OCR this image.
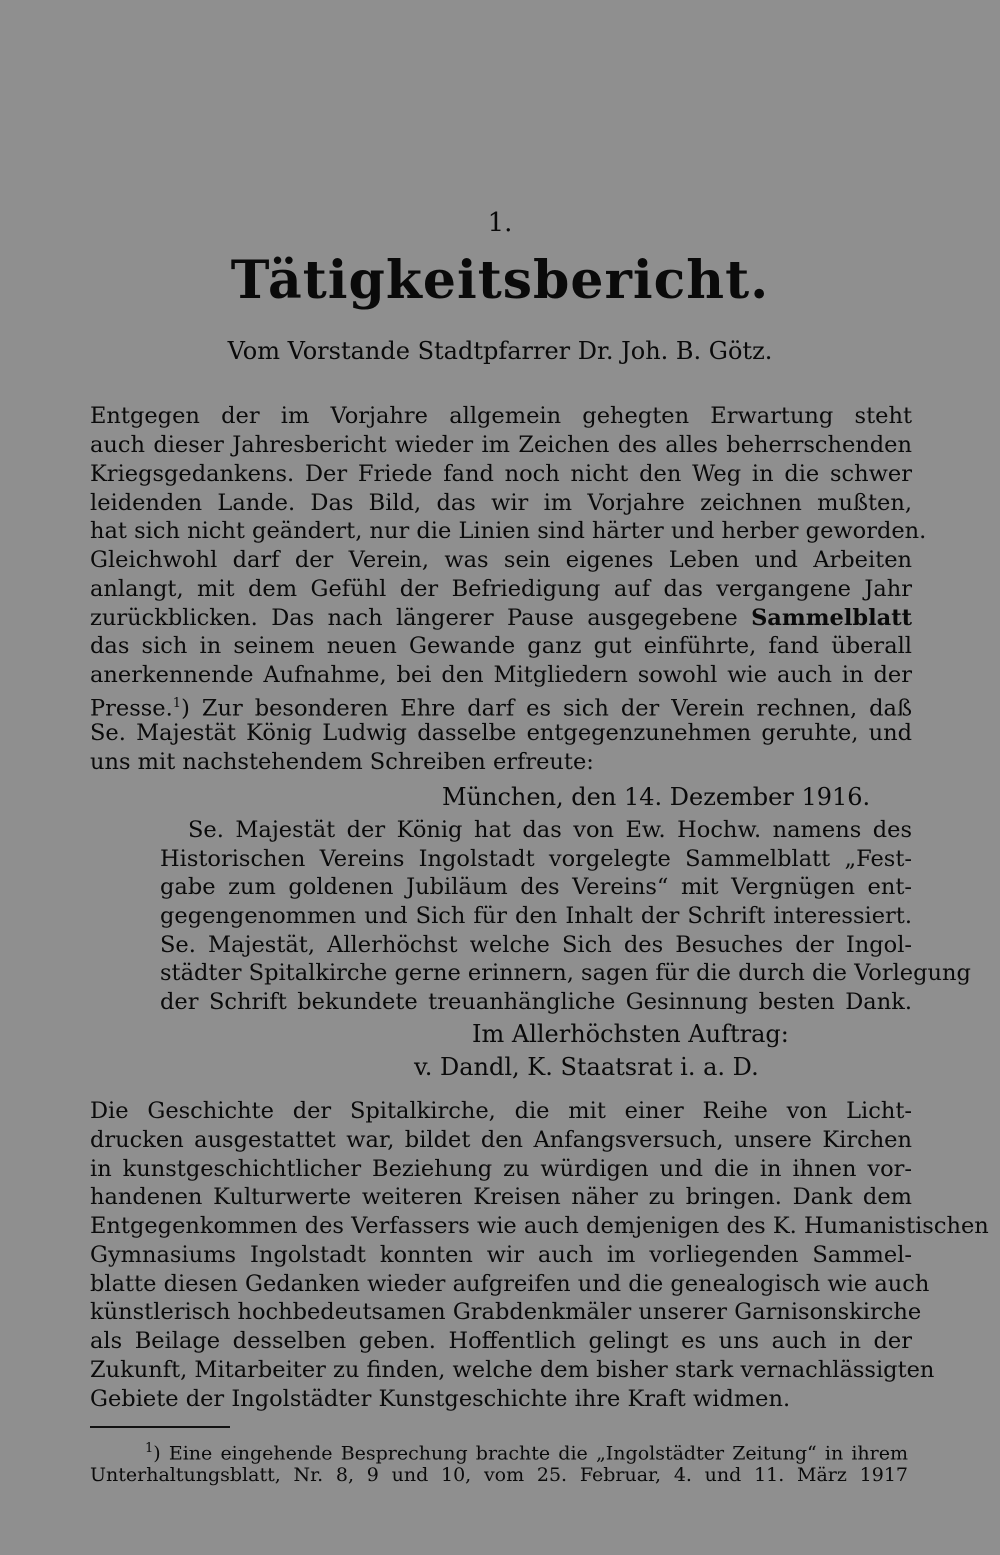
1.
Tätigkeitsbericht.
Vom Vorstande Stadtpfarrer Dr. Joh. B. Götz.
Entgegen der im Vorjahre allgemein gehegten Erwartung steht
auch dieser Jahresbericht wieder im Zeichen des alles beherrschenden
Kriegsgedankens. Der Friede fand noch nicht den Weg in die schwer
leidenden Lande. Das Bild, das wir im Vorjahre zeichnen mußten,
hat sich nicht geändert, nur die Linien sind härter und herber geworden.
Gleichwohl darf der Verein, was sein eigenes Leben und Arbeiten
anlangt, mit dem Gefühl der Befriedigung auf das vergangene Jahr
zurückblicken. Das nach längerer Pause ausgegebene Sammelblatt
das sich in seinem neuen Gewande ganz gut einführte, fand überall
anerkennende Aufnahme, bei den Mitgliedern sowohl wie auch in der
Presse.$^1$) Zur besonderen Ehre darf es sich der Verein rechnen, daß
Se. Majestät König Ludwig dasselbe entgegenzunehmen geruhte, und
uns mit nachstehendem Schreiben erfreute:
München, den 14. Dezember 1916.
Se. Majestät der König hat das von Ew. Hochw. namens des
Historischen Vereins Ingolstadt vorgelegte Sammelblatt „Fest-
gabe zum goldenen Jubiläum des Vereins“ mit Vergnügen ent-
gegengenommen und Sich für den Inhalt der Schrift interessiert.
Se. Majestät, Allerhöchst welche Sich des Besuches der Ingol-
städter Spitalkirche gerne erinnern, sagen für die durch die Vorlegung
der Schrift bekundete treuanhängliche Gesinnung besten Dank.
Im Allerhöchsten Auftrag:
v. Dandl, K. Staatsrat i. a. D.
Die Geschichte der Spitalkirche, die mit einer Reihe von Licht-
drucken ausgestattet war, bildet den Anfangsversuch, unsere Kirchen
in kunstgeschichtlicher Beziehung zu würdigen und die in ihnen vor-
handenen Kulturwerte weiteren Kreisen näher zu bringen. Dank dem
Entgegenkommen des Verfassers wie auch demjenigen des K. Humanistischen
Gymnasiums Ingolstadt konnten wir auch im vorliegenden Sammel-
blatte diesen Gedanken wieder aufgreifen und die genealogisch wie auch
künstlerisch hochbedeutsamen Grabdenkmäler unserer Garnisonskirche
als Beilage desselben geben. Hoffentlich gelingt es uns auch in der
Zukunft, Mitarbeiter zu finden, welche dem bisher stark vernachlässigten
Gebiete der Ingolstädter Kunstgeschichte ihre Kraft widmen.
$^1$) Eine eingehende Besprechung brachte die „Ingolstädter Zeitung“ in ihrem
Unterhaltungsblatt, Nr. 8, 9 und 10, vom 25. Februar, 4. und 11. März 1917
